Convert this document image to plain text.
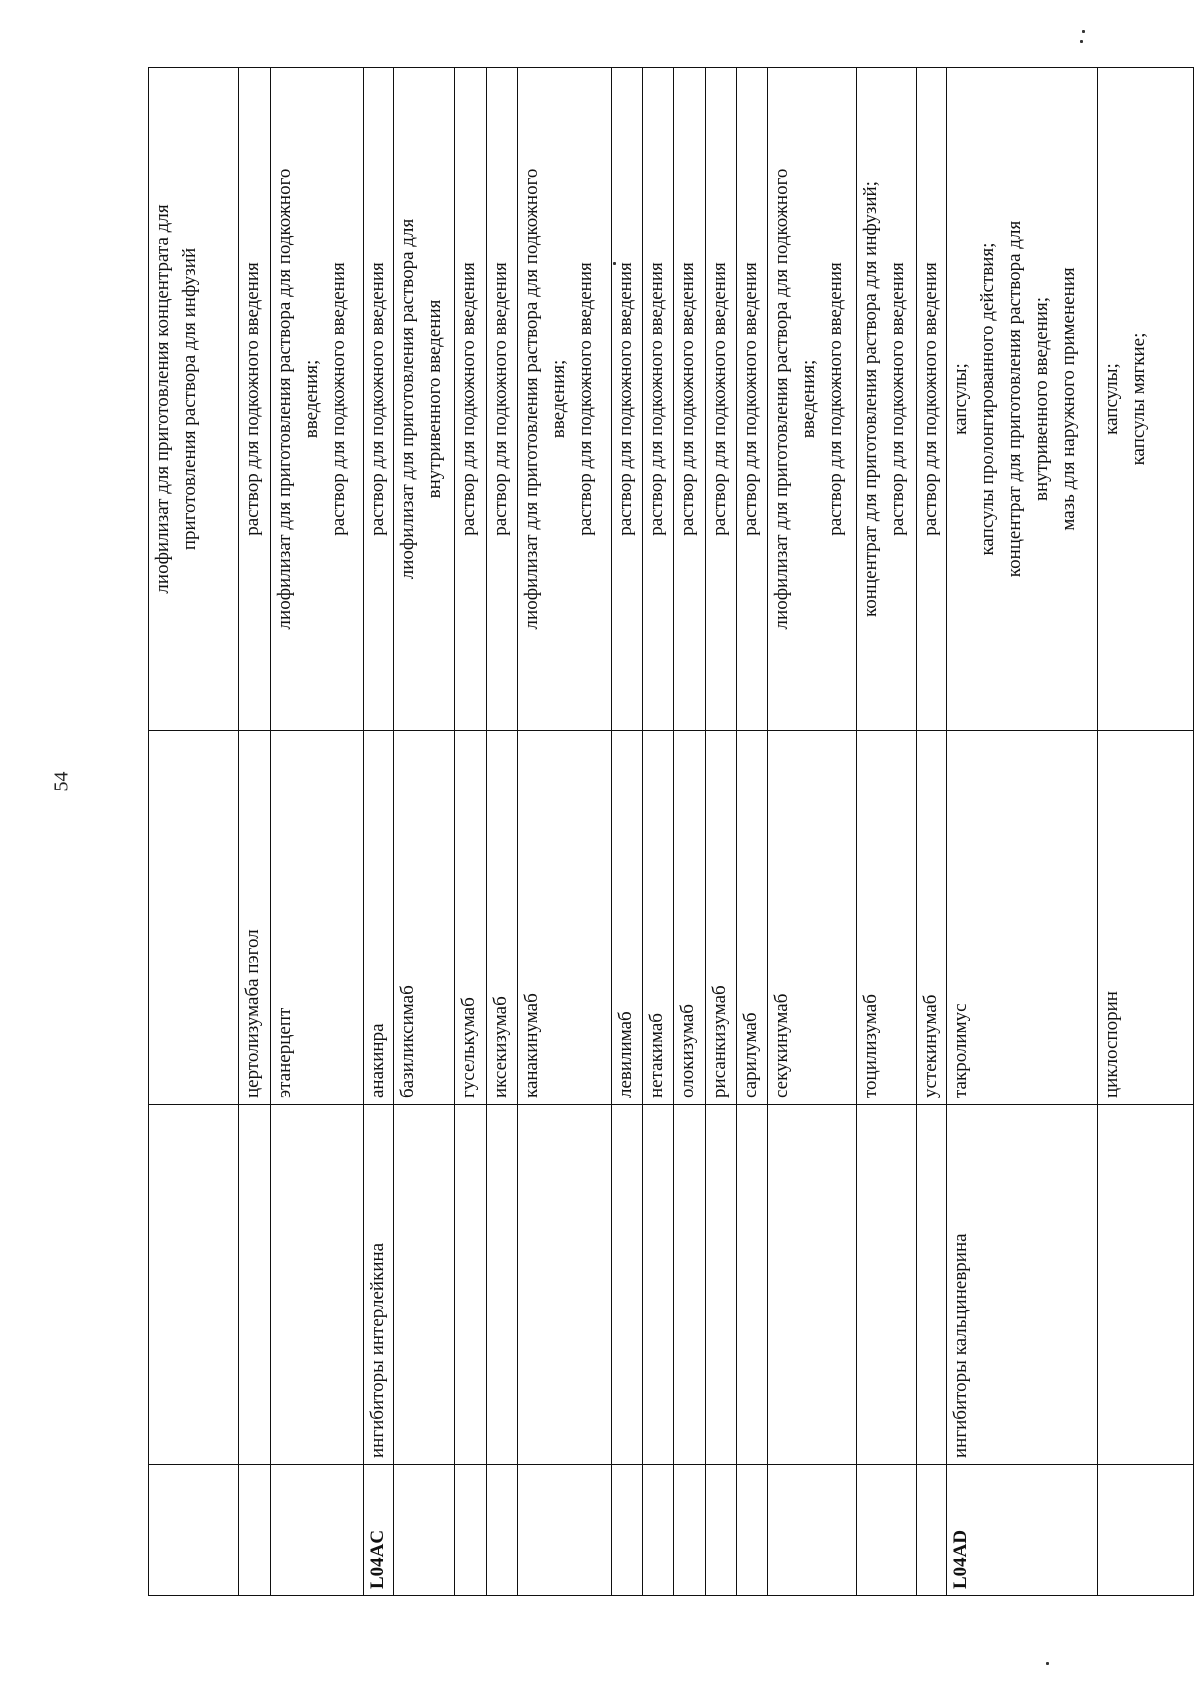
54

			лиофилизат для приготовления концентрата для приготовления раствора для инфузий

		цертолизумаба пэгол	раствор для подкожного введения

		этанерцепт	лиофилизат для приготовления раствора для подкожного введения; раствор для подкожного введения

L04AC	ингибиторы интерлейкина	анакинра	раствор для подкожного введения

		базиликсимаб	лиофилизат для приготовления раствора для внутривенного введения

		гуселькумаб	раствор для подкожного введения

		иксекизумаб	раствор для подкожного введения

		канакинумаб	лиофилизат для приготовления раствора для подкожного введения; раствор для подкожного введения

		левилимаб	раствор для подкожного введения

		нетакимаб	раствор для подкожного введения

		олокизумаб	раствор для подкожного введения

		рисанкизумаб	раствор для подкожного введения

		сарилумаб	раствор для подкожного введения

		секукинумаб	лиофилизат для приготовления раствора для подкожного введения; раствор для подкожного введения

		тоцилизумаб	концентрат для приготовления раствора для инфузий; раствор для подкожного введения

		устекинумаб	раствор для подкожного введения

L04AD	ингибиторы кальциневрина	такролимус	капсулы; капсулы пролонгированного действия; концентрат для приготовления раствора для внутривенного введения; мазь для наружного применения

		циклоспорин	капсулы; капсулы мягкие;
